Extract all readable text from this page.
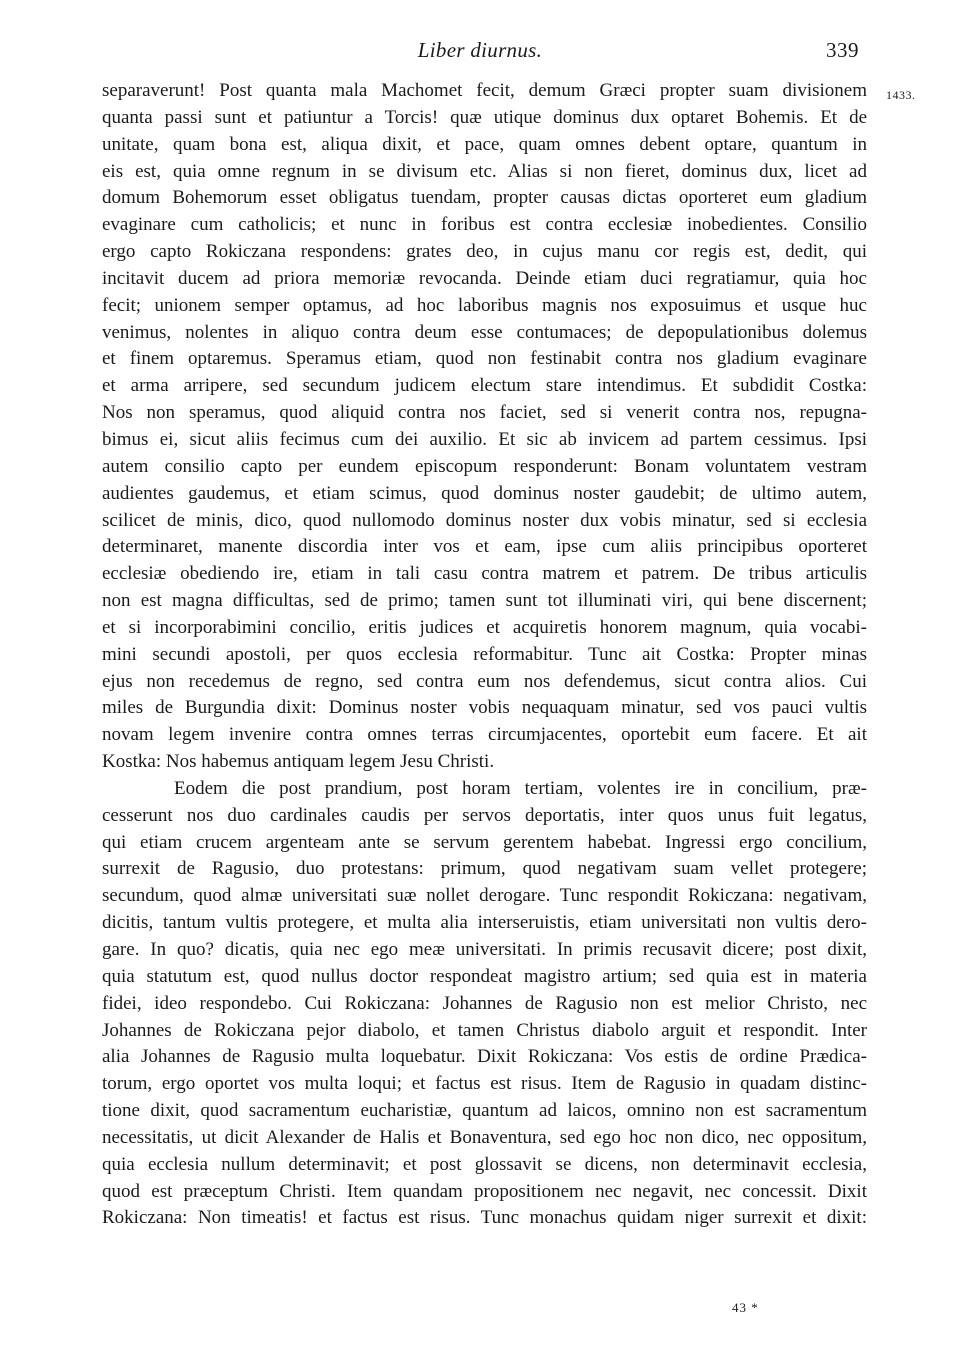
Liber diurnus.	339
1433.
separaverunt! Post quanta mala Machomet fecit, demum Græci propter suam divisionem
quanta passi sunt et patiuntur a Torcis! quæ utique dominus dux optaret Bohemis. Et de
unitate, quam bona est, aliqua dixit, et pace, quam omnes debent optare, quantum in
eis est, quia omne regnum in se divisum etc. Alias si non fieret, dominus dux, licet ad
domum Bohemorum esset obligatus tuendam, propter causas dictas oporteret eum gladium
evaginare cum catholicis; et nunc in foribus est contra ecclesiæ inobedientes. Consilio
ergo capto Rokiczana respondens: grates deo, in cujus manu cor regis est, dedit, qui
incitavit ducem ad priora memoriæ revocanda. Deinde etiam duci regratiamur, quia hoc
fecit; unionem semper optamus, ad hoc laboribus magnis nos exposuimus et usque huc
venimus, nolentes in aliquo contra deum esse contumaces; de depopulationibus dolemus
et finem optaremus. Speramus etiam, quod non festinabit contra nos gladium evaginare
et arma arripere, sed secundum judicem electum stare intendimus. Et subdidit Costka:
Nos non speramus, quod aliquid contra nos faciet, sed si venerit contra nos, repugna-
bimus ei, sicut aliis fecimus cum dei auxilio. Et sic ab invicem ad partem cessimus. Ipsi
autem consilio capto per eundem episcopum responderunt: Bonam voluntatem vestram
audientes gaudemus, et etiam scimus, quod dominus noster gaudebit; de ultimo autem,
scilicet de minis, dico, quod nullomodo dominus noster dux vobis minatur, sed si ecclesia
determinaret, manente discordia inter vos et eam, ipse cum aliis principibus oporteret
ecclesiæ obediendo ire, etiam in tali casu contra matrem et patrem. De tribus articulis
non est magna difficultas, sed de primo; tamen sunt tot illuminati viri, qui bene discernent;
et si incorporabimini concilio, eritis judices et acquiretis honorem magnum, quia vocabi-
mini secundi apostoli, per quos ecclesia reformabitur. Tunc ait Costka: Propter minas
ejus non recedemus de regno, sed contra eum nos defendemus, sicut contra alios. Cui
miles de Burgundia dixit: Dominus noster vobis nequaquam minatur, sed vos pauci vultis
novam legem invenire contra omnes terras circumjacentes, oportebit eum facere. Et ait
Kostka: Nos habemus antiquam legem Jesu Christi.
Eodem die post prandium, post horam tertiam, volentes ire in concilium, præ-
cesserunt nos duo cardinales caudis per servos deportatis, inter quos unus fuit legatus,
qui etiam crucem argenteam ante se servum gerentem habebat. Ingressi ergo concilium,
surrexit de Ragusio, duo protestans: primum, quod negativam suam vellet protegere;
secundum, quod almæ universitati suæ nollet derogare. Tunc respondit Rokiczana: negativam,
dicitis, tantum vultis protegere, et multa alia interseruistis, etiam universitati non vultis dero-
gare. In quo? dicatis, quia nec ego meæ universitati. In primis recusavit dicere; post dixit,
quia statutum est, quod nullus doctor respondeat magistro artium; sed quia est in materia
fidei, ideo respondebo. Cui Rokiczana: Johannes de Ragusio non est melior Christo, nec
Johannes de Rokiczana pejor diabolo, et tamen Christus diabolo arguit et respondit. Inter
alia Johannes de Ragusio multa loquebatur. Dixit Rokiczana: Vos estis de ordine Prædica-
torum, ergo oportet vos multa loqui; et factus est risus. Item de Ragusio in quadam distinc-
tione dixit, quod sacramentum eucharistiæ, quantum ad laicos, omnino non est sacramentum
necessitatis, ut dicit Alexander de Halis et Bonaventura, sed ego hoc non dico, nec oppositum,
quia ecclesia nullum determinavit; et post glossavit se dicens, non determinavit ecclesia,
quod est præceptum Christi. Item quandam propositionem nec negavit, nec concessit. Dixit
Rokiczana: Non timeatis! et factus est risus. Tunc monachus quidam niger surrexit et dixit:
43 *
